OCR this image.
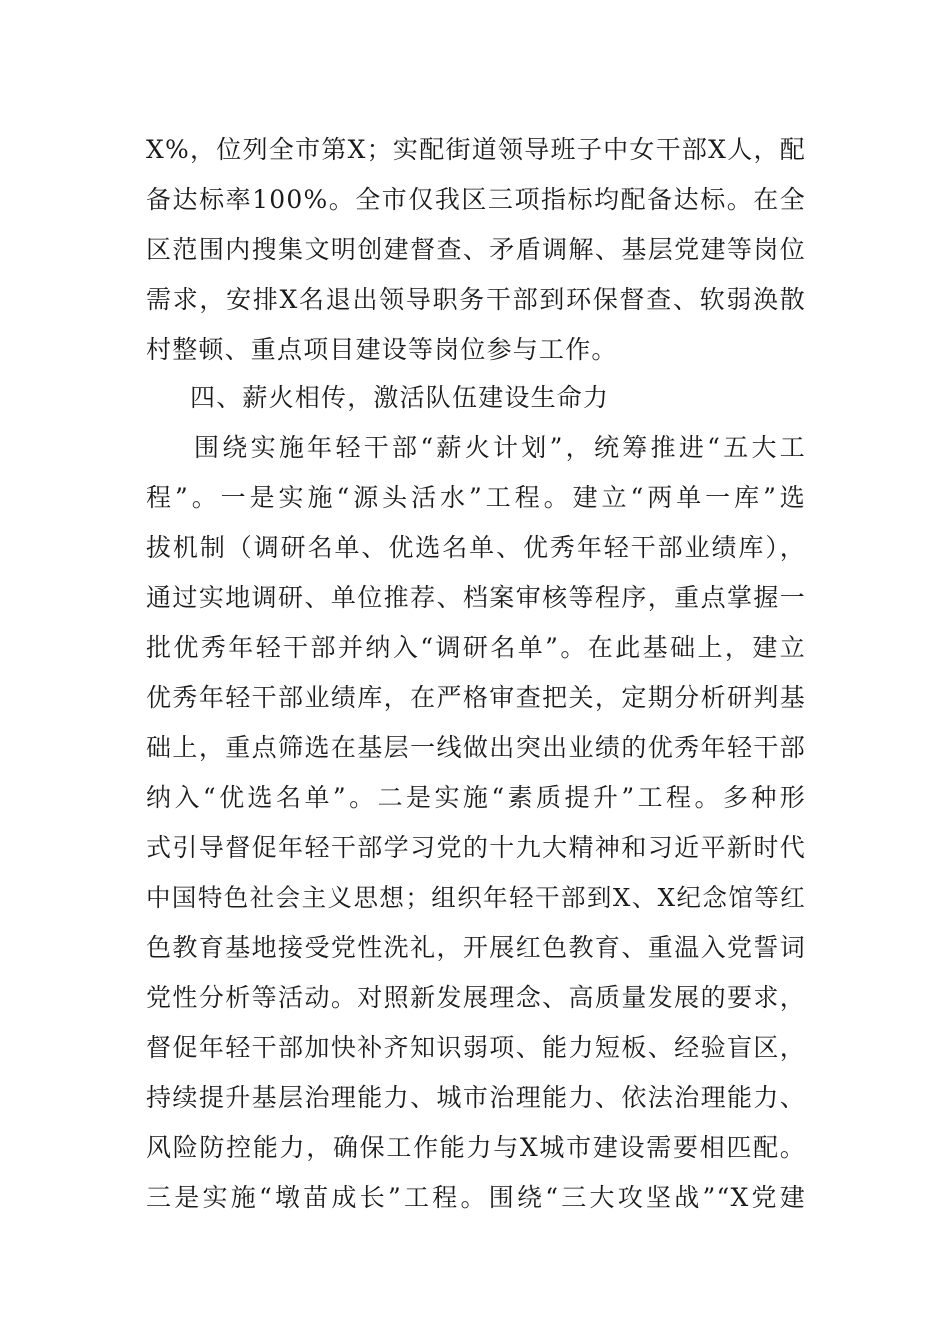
X%，位列全市第X；实配街道领导班子中女干部X人，配
备达标率100%。全市仅我区三项指标均配备达标。在全
区范围内搜集文明创建督查、矛盾调解、基层党建等岗位
需求，安排X名退出领导职务干部到环保督查、软弱涣散
村整顿、重点项目建设等岗位参与工作。
四、薪火相传，激活队伍建设生命力
围绕实施年轻干部“薪火计划”，统筹推进“五大工
程”。一是实施“源头活水”工程。建立“两单一库”选
拔机制（调研名单、优选名单、优秀年轻干部业绩库），
通过实地调研、单位推荐、档案审核等程序，重点掌握一
批优秀年轻干部并纳入“调研名单”。在此基础上，建立
优秀年轻干部业绩库，在严格审查把关，定期分析研判基
础上，重点筛选在基层一线做出突出业绩的优秀年轻干部
纳入“优选名单”。二是实施“素质提升”工程。多种形
式引导督促年轻干部学习党的十九大精神和习近平新时代
中国特色社会主义思想；组织年轻干部到X、X纪念馆等红
色教育基地接受党性洗礼，开展红色教育、重温入党誓词
党性分析等活动。对照新发展理念、高质量发展的要求，
督促年轻干部加快补齐知识弱项、能力短板、经验盲区，
持续提升基层治理能力、城市治理能力、依法治理能力、
风险防控能力，确保工作能力与X城市建设需要相匹配。
三是实施“墩苗成长”工程。围绕“三大攻坚战”“X党建
